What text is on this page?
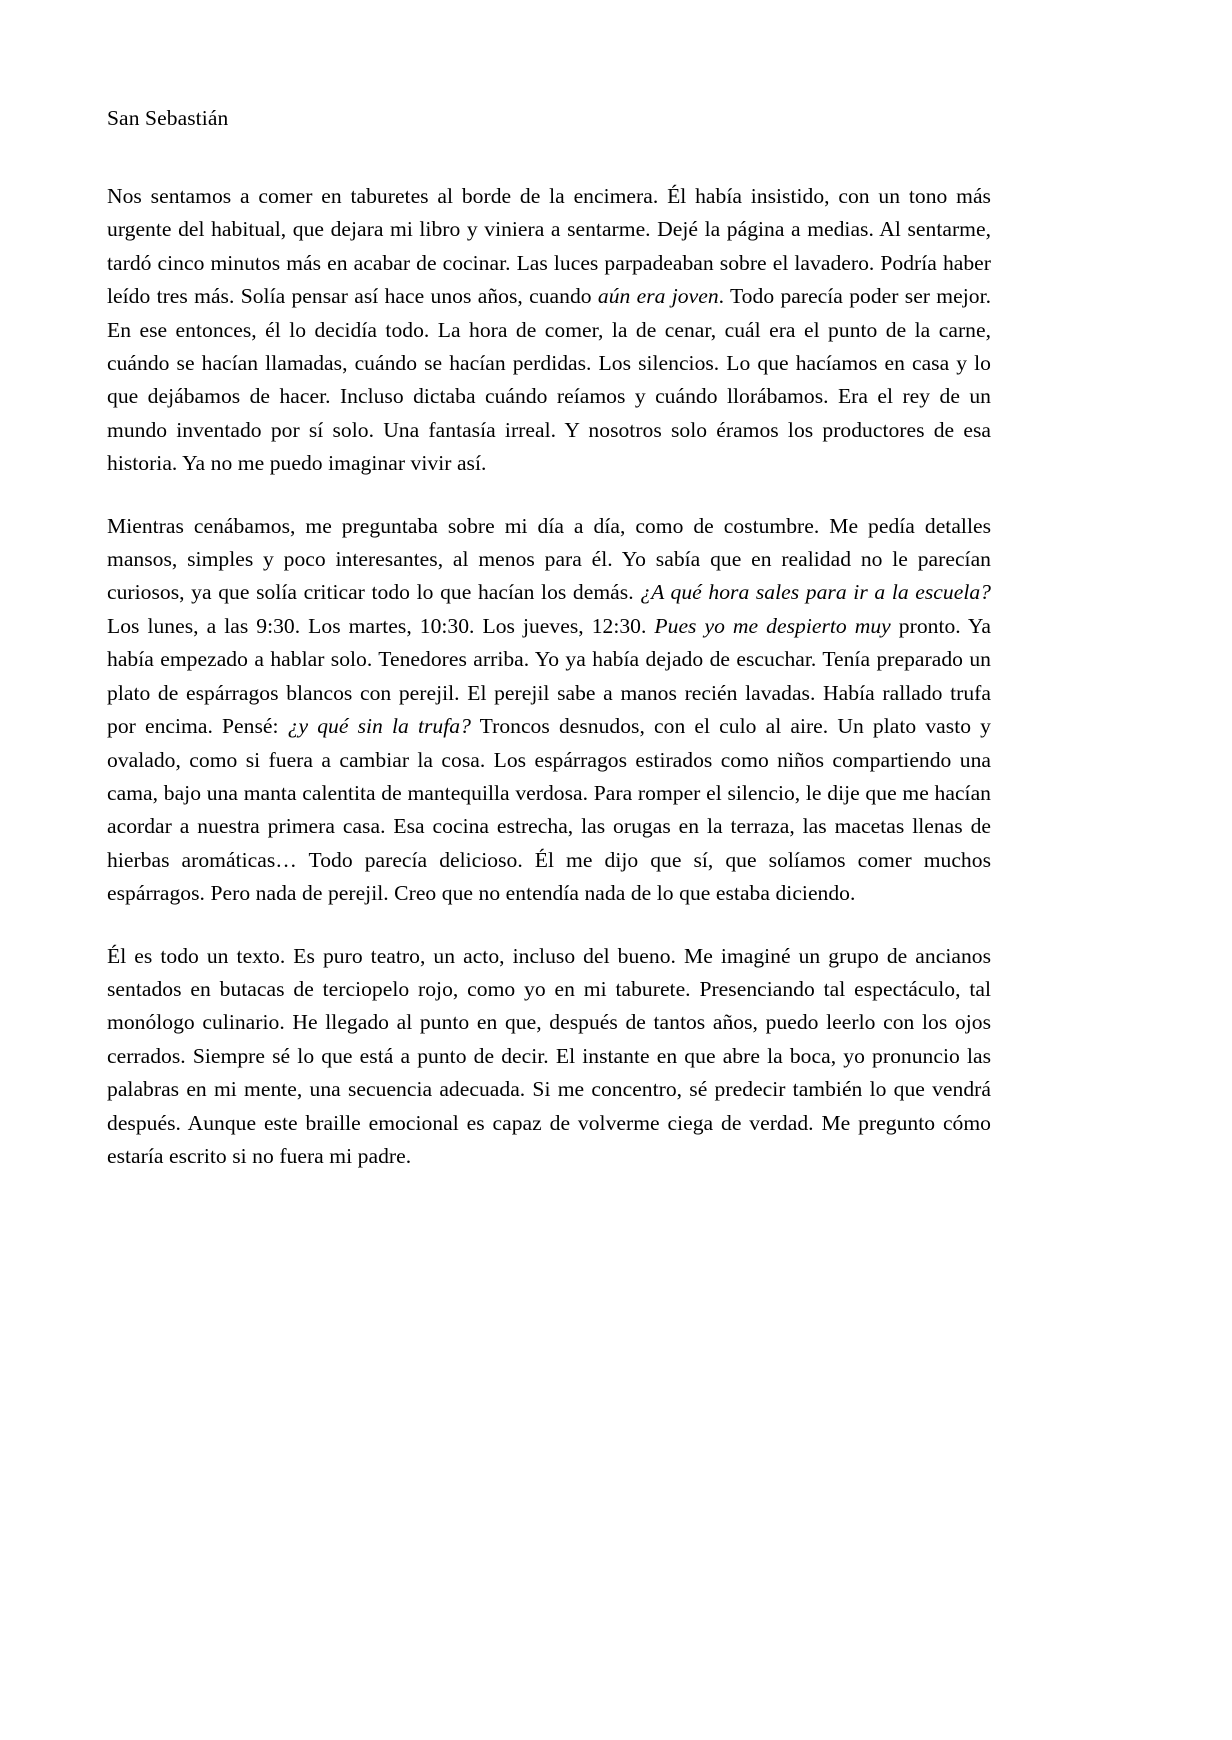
San Sebastián

Nos sentamos a comer en taburetes al borde de la encimera. Él había insistido, con un tono más urgente del habitual, que dejara mi libro y viniera a sentarme. Dejé la página a medias. Al sentarme, tardó cinco minutos más en acabar de cocinar. Las luces parpadeaban sobre el lavadero. Podría haber leído tres más. Solía pensar así hace unos años, cuando aún era joven. Todo parecía poder ser mejor. En ese entonces, él lo decidía todo. La hora de comer, la de cenar, cuál era el punto de la carne, cuándo se hacían llamadas, cuándo se hacían perdidas. Los silencios. Lo que hacíamos en casa y lo que dejábamos de hacer. Incluso dictaba cuándo reíamos y cuándo llorábamos. Era el rey de un mundo inventado por sí solo. Una fantasía irreal. Y nosotros solo éramos los productores de esa historia. Ya no me puedo imaginar vivir así.

Mientras cenábamos, me preguntaba sobre mi día a día, como de costumbre. Me pedía detalles mansos, simples y poco interesantes, al menos para él. Yo sabía que en realidad no le parecían curiosos, ya que solía criticar todo lo que hacían los demás. ¿A qué hora sales para ir a la escuela? Los lunes, a las 9:30. Los martes, 10:30. Los jueves, 12:30. Pues yo me despierto muy pronto. Ya había empezado a hablar solo. Tenedores arriba. Yo ya había dejado de escuchar. Tenía preparado un plato de espárragos blancos con perejil. El perejil sabe a manos recién lavadas. Había rallado trufa por encima. Pensé: ¿y qué sin la trufa? Troncos desnudos, con el culo al aire. Un plato vasto y ovalado, como si fuera a cambiar la cosa. Los espárragos estirados como niños compartiendo una cama, bajo una manta calentita de mantequilla verdosa. Para romper el silencio, le dije que me hacían acordar a nuestra primera casa. Esa cocina estrecha, las orugas en la terraza, las macetas llenas de hierbas aromáticas… Todo parecía delicioso. Él me dijo que sí, que solíamos comer muchos espárragos. Pero nada de perejil. Creo que no entendía nada de lo que estaba diciendo.

Él es todo un texto. Es puro teatro, un acto, incluso del bueno. Me imaginé un grupo de ancianos sentados en butacas de terciopelo rojo, como yo en mi taburete. Presenciando tal espectáculo, tal monólogo culinario. He llegado al punto en que, después de tantos años, puedo leerlo con los ojos cerrados. Siempre sé lo que está a punto de decir. El instante en que abre la boca, yo pronuncio las palabras en mi mente, una secuencia adecuada. Si me concentro, sé predecir también lo que vendrá después. Aunque este braille emocional es capaz de volverme ciega de verdad. Me pregunto cómo estaría escrito si no fuera mi padre.
